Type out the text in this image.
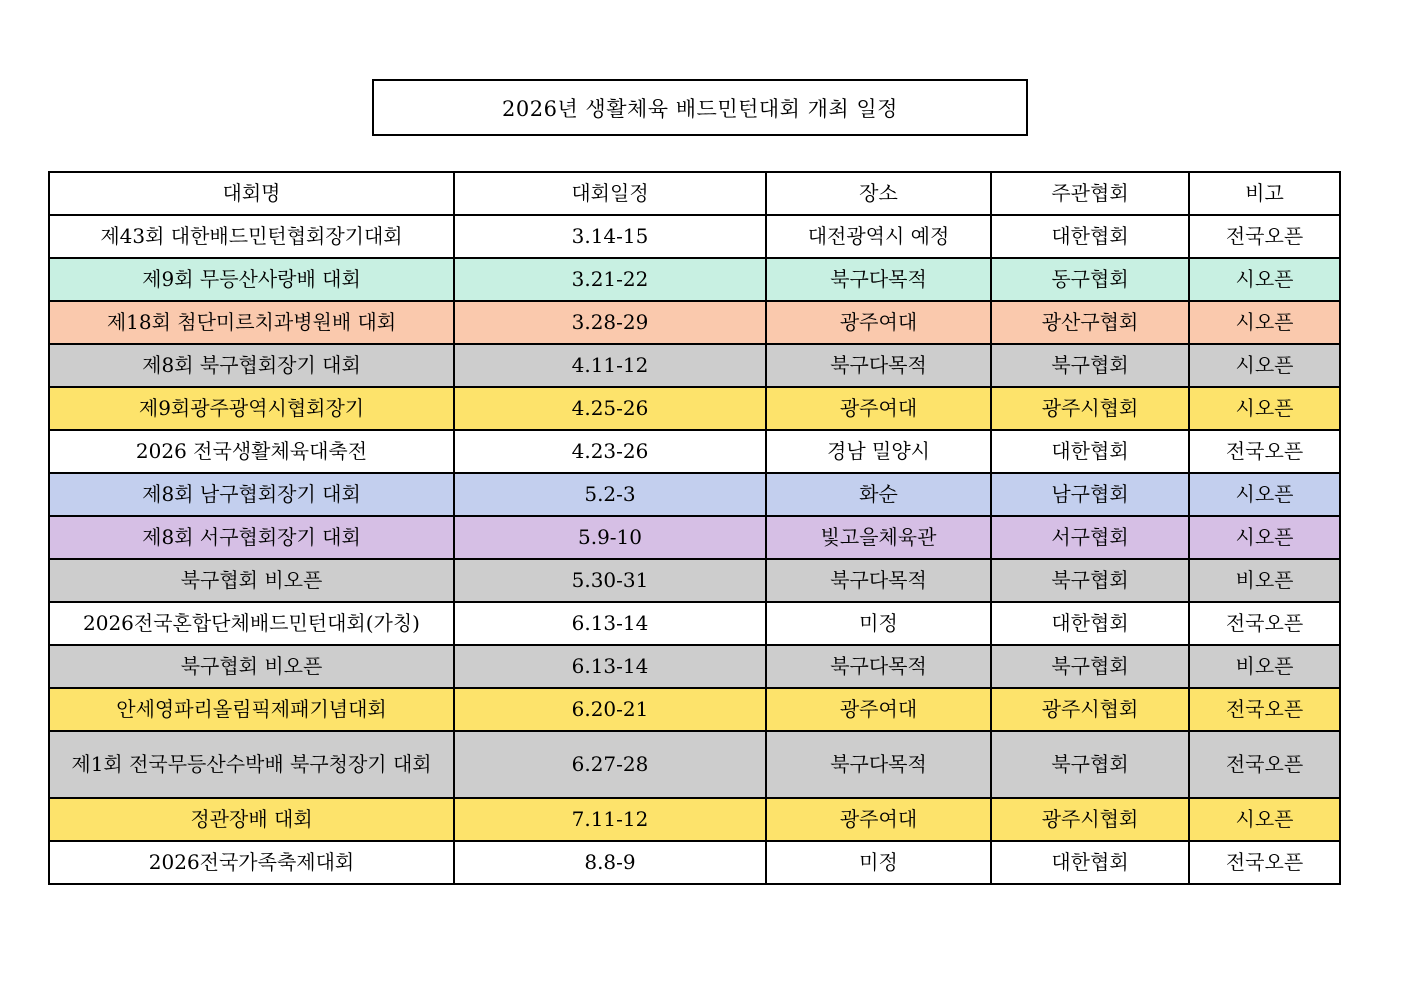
2026년 생활체육 배드민턴대회 개최 일정
대회명	대회일정	장소	주관협회	비고
제43회 대한배드민턴협회장기대회	3.14-15	대전광역시 예정	대한협회	전국오픈
제9회 무등산사랑배 대회	3.21-22	북구다목적	동구협회	시오픈
제18회 첨단미르치과병원배 대회	3.28-29	광주여대	광산구협회	시오픈
제8회 북구협회장기 대회	4.11-12	북구다목적	북구협회	시오픈
제9회광주광역시협회장기	4.25-26	광주여대	광주시협회	시오픈
2026 전국생활체육대축전	4.23-26	경남 밀양시	대한협회	전국오픈
제8회 남구협회장기 대회	5.2-3	화순	남구협회	시오픈
제8회 서구협회장기 대회	5.9-10	빛고을체육관	서구협회	시오픈
북구협회 비오픈	5.30-31	북구다목적	북구협회	비오픈
2026전국혼합단체배드민턴대회(가칭)	6.13-14	미정	대한협회	전국오픈
북구협회 비오픈	6.13-14	북구다목적	북구협회	비오픈
안세영파리올림픽제패기념대회	6.20-21	광주여대	광주시협회	전국오픈
제1회 전국무등산수박배 북구청장기 대회	6.27-28	북구다목적	북구협회	전국오픈
정관장배 대회	7.11-12	광주여대	광주시협회	시오픈
2026전국가족축제대회	8.8-9	미정	대한협회	전국오픈
